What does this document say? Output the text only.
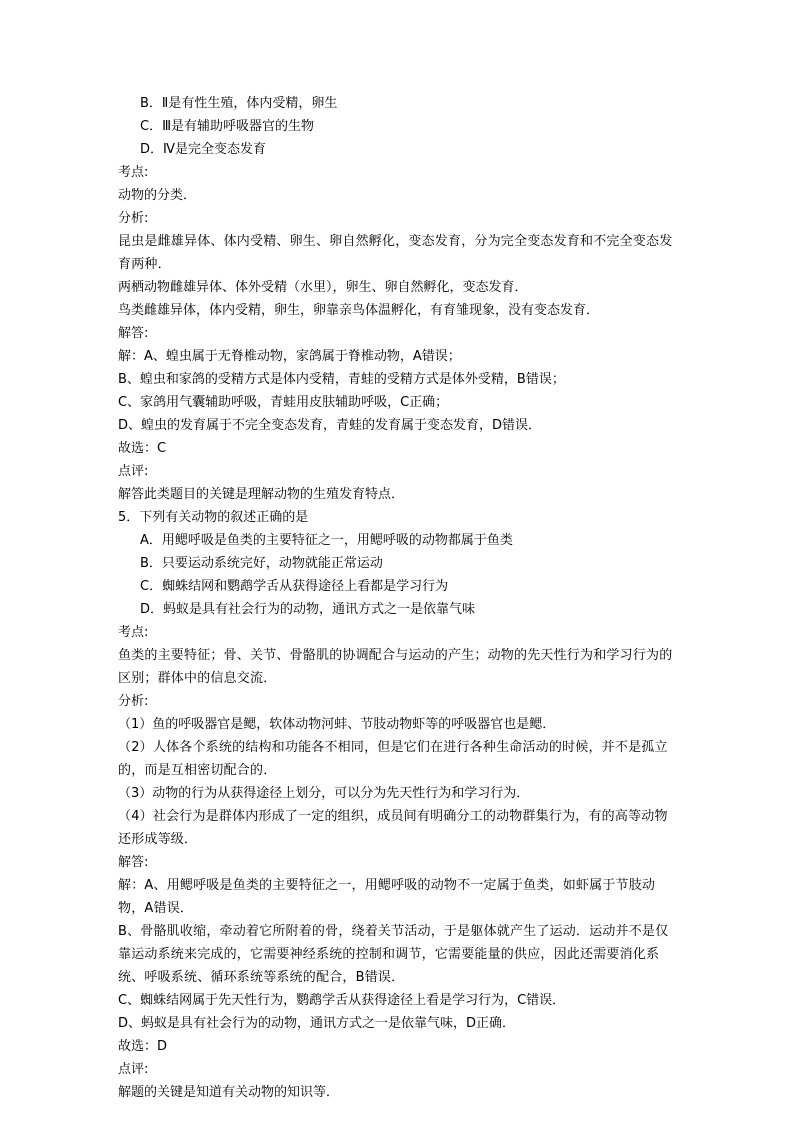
B．Ⅱ是有性生殖，体内受精，卵生
C．Ⅲ是有辅助呼吸器官的生物
D．Ⅳ是完全变态发育
考点:
动物的分类．
分析:
昆虫是雌雄异体、体内受精、卵生、卵自然孵化，变态发育，分为完全变态发育和不完全变态发育两种．
两栖动物雌雄异体、体外受精（水里），卵生、卵自然孵化，变态发育．
鸟类雌雄异体，体内受精，卵生，卵靠亲鸟体温孵化，有育雏现象，没有变态发育．
解答:
解：A、蝗虫属于无脊椎动物，家鸽属于脊椎动物，A错误；
B、蝗虫和家鸽的受精方式是体内受精，青蛙的受精方式是体外受精，B错误；
C、家鸽用气囊辅助呼吸，青蛙用皮肤辅助呼吸，C正确；
D、蝗虫的发育属于不完全变态发育，青蛙的发育属于变态发育，D错误．
故选：C
点评:
解答此类题目的关键是理解动物的生殖发育特点．
5．下列有关动物的叙述正确的是
A．用鳃呼吸是鱼类的主要特征之一，用鳃呼吸的动物都属于鱼类
B．只要运动系统完好，动物就能正常运动
C．蜘蛛结网和鹦鹉学舌从获得途径上看都是学习行为
D．蚂蚁是具有社会行为的动物，通讯方式之一是依靠气味
考点:
鱼类的主要特征；骨、关节、骨骼肌的协调配合与运动的产生；动物的先天性行为和学习行为的区别；群体中的信息交流．
分析:
（1）鱼的呼吸器官是鳃，软体动物河蚌、节肢动物虾等的呼吸器官也是鳃．
（2）人体各个系统的结构和功能各不相同，但是它们在进行各种生命活动的时候，并不是孤立的，而是互相密切配合的．
（3）动物的行为从获得途径上划分，可以分为先天性行为和学习行为．
（4）社会行为是群体内形成了一定的组织，成员间有明确分工的动物群集行为，有的高等动物还形成等级．
解答:
解：A、用鳃呼吸是鱼类的主要特征之一，用鳃呼吸的动物不一定属于鱼类，如虾属于节肢动物，A错误．
B、骨骼肌收缩，牵动着它所附着的骨，绕着关节活动，于是躯体就产生了运动．运动并不是仅靠运动系统来完成的，它需要神经系统的控制和调节，它需要能量的供应，因此还需要消化系统、呼吸系统、循环系统等系统的配合，B错误．
C、蜘蛛结网属于先天性行为，鹦鹉学舌从获得途径上看是学习行为，C错误．
D、蚂蚁是具有社会行为的动物，通讯方式之一是依靠气味，D正确．
故选：D
点评:
解题的关键是知道有关动物的知识等．
